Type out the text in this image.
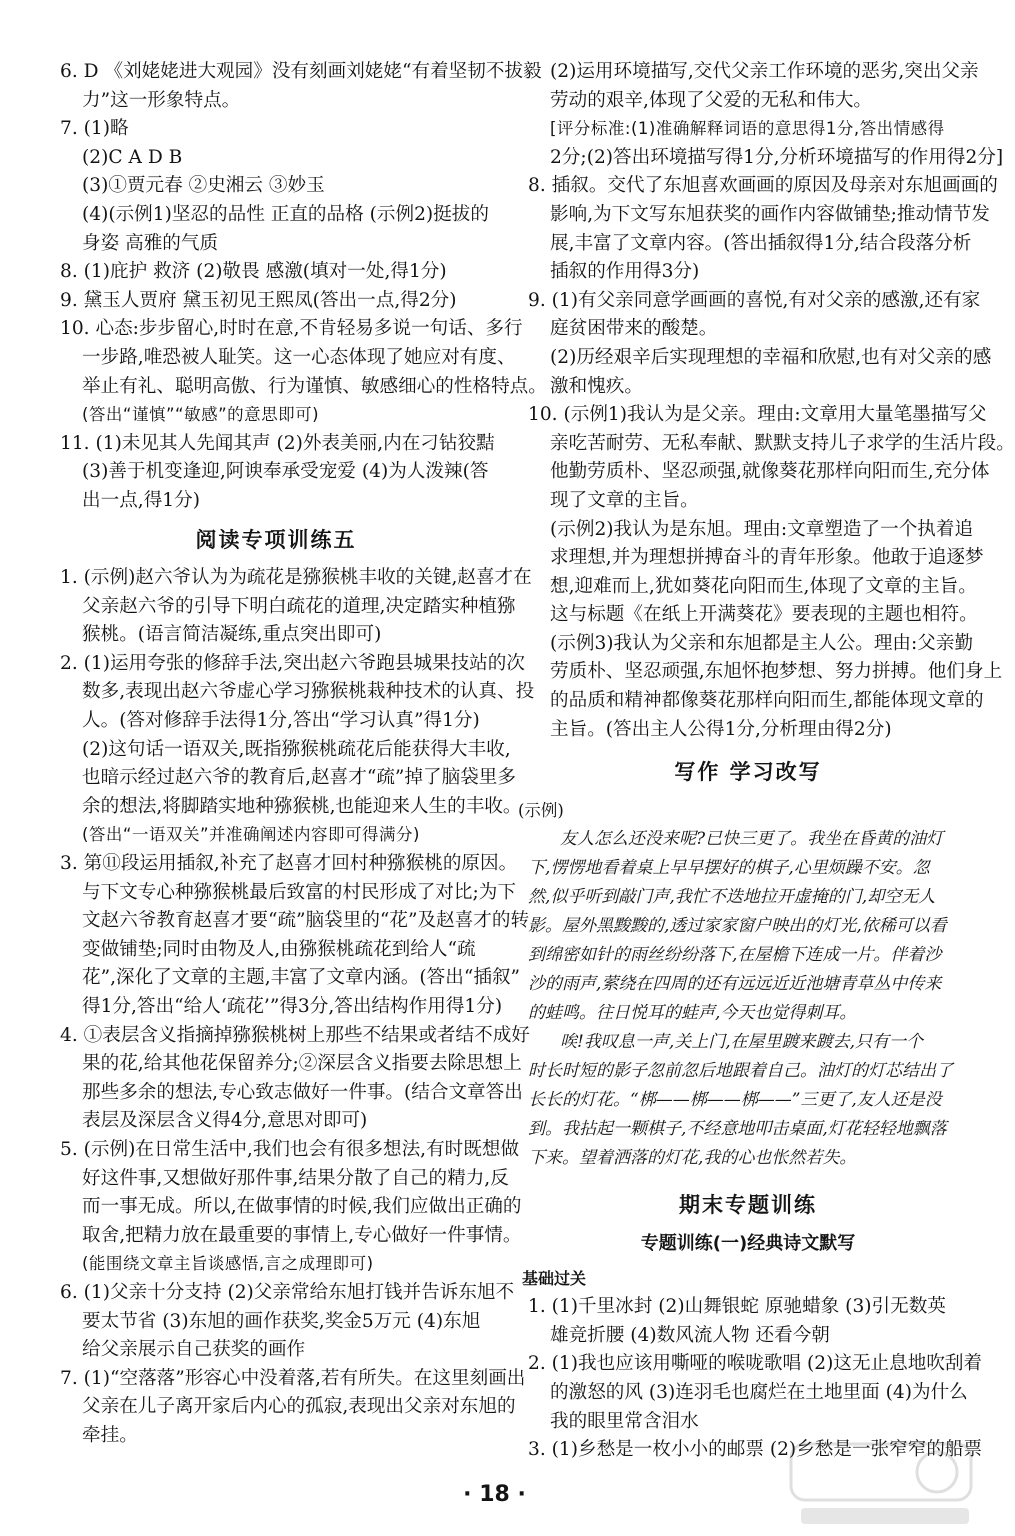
6. D 《刘姥姥进大观园》没有刻画刘姥姥“有着坚韧不拔毅
力”这一形象特点。
7. (1)略
(2)C A D B
(3)①贾元春 ②史湘云 ③妙玉
(4)(示例1)坚忍的品性 正直的品格 (示例2)挺拔的
身姿 高雅的气质
8. (1)庇护 救济 (2)敬畏 感激(填对一处,得1分)
9. 黛玉人贾府 黛玉初见王熙凤(答出一点,得2分)
10. 心态:步步留心,时时在意,不肯轻易多说一句话、多行
一步路,唯恐被人耻笑。这一心态体现了她应对有度、
举止有礼、聪明高傲、行为谨慎、敏感细心的性格特点。
(答出“谨慎”“敏感”的意思即可)
11. (1)未见其人先闻其声 (2)外表美丽,内在刁钻狡黠
(3)善于机变逢迎,阿谀奉承受宠爱 (4)为人泼辣(答
出一点,得1分)
阅读专项训练五
1. (示例)赵六爷认为为疏花是猕猴桃丰收的关键,赵喜才在
父亲赵六爷的引导下明白疏花的道理,决定踏实种植猕
猴桃。(语言简洁凝练,重点突出即可)
2. (1)运用夸张的修辞手法,突出赵六爷跑县城果技站的次
数多,表现出赵六爷虚心学习猕猴桃栽种技术的认真、投
人。(答对修辞手法得1分,答出“学习认真”得1分)
(2)这句话一语双关,既指猕猴桃疏花后能获得大丰收,
也暗示经过赵六爷的教育后,赵喜才“疏”掉了脑袋里多
余的想法,将脚踏实地种猕猴桃,也能迎来人生的丰收。
(答出“一语双关”并准确阐述内容即可得满分)
3. 第⑪段运用插叙,补充了赵喜才回村种猕猴桃的原因。
与下文专心种猕猴桃最后致富的村民形成了对比;为下
文赵六爷教育赵喜才要“疏”脑袋里的“花”及赵喜才的转
变做铺垫;同时由物及人,由猕猴桃疏花到给人“疏
花”,深化了文章的主题,丰富了文章内涵。(答出“插叙”
得1分,答出“给人‘疏花’”得3分,答出结构作用得1分)
4. ①表层含义指摘掉猕猴桃树上那些不结果或者结不成好
果的花,给其他花保留养分;②深层含义指要去除思想上
那些多余的想法,专心致志做好一件事。(结合文章答出
表层及深层含义得4分,意思对即可)
5. (示例)在日常生活中,我们也会有很多想法,有时既想做
好这件事,又想做好那件事,结果分散了自己的精力,反
而一事无成。所以,在做事情的时候,我们应做出正确的
取舍,把精力放在最重要的事情上,专心做好一件事情。
(能围绕文章主旨谈感悟,言之成理即可)
6. (1)父亲十分支持 (2)父亲常给东旭打钱并告诉东旭不
要太节省 (3)东旭的画作获奖,奖金5万元 (4)东旭
给父亲展示自己获奖的画作
7. (1)“空落落”形容心中没着落,若有所失。在这里刻画出
父亲在儿子离开家后内心的孤寂,表现出父亲对东旭的
牵挂。
(2)运用环境描写,交代父亲工作环境的恶劣,突出父亲
劳动的艰辛,体现了父爱的无私和伟大。
[评分标准:(1)准确解释词语的意思得1分,答出情感得
2分;(2)答出环境描写得1分,分析环境描写的作用得2分]
8. 插叙。交代了东旭喜欢画画的原因及母亲对东旭画画的
影响,为下文写东旭获奖的画作内容做铺垫;推动情节发
展,丰富了文章内容。(答出插叙得1分,结合段落分析
插叙的作用得3分)
9. (1)有父亲同意学画画的喜悦,有对父亲的感激,还有家
庭贫困带来的酸楚。
(2)历经艰辛后实现理想的幸福和欣慰,也有对父亲的感
激和愧疚。
10. (示例1)我认为是父亲。理由:文章用大量笔墨描写父
亲吃苦耐劳、无私奉献、默默支持儿子求学的生活片段。
他勤劳质朴、坚忍顽强,就像葵花那样向阳而生,充分体
现了文章的主旨。
(示例2)我认为是东旭。理由:文章塑造了一个执着追
求理想,并为理想拼搏奋斗的青年形象。他敢于追逐梦
想,迎难而上,犹如葵花向阳而生,体现了文章的主旨。
这与标题《在纸上开满葵花》要表现的主题也相符。
(示例3)我认为父亲和东旭都是主人公。理由:父亲勤
劳质朴、坚忍顽强,东旭怀抱梦想、努力拼搏。他们身上
的品质和精神都像葵花那样向阳而生,都能体现文章的
主旨。(答出主人公得1分,分析理由得2分)
写作 学习改写
(示例)
友人怎么还没来呢?已快三更了。我坐在昏黄的油灯
下,愣愣地看着桌上早早摆好的棋子,心里烦躁不安。忽
然,似乎听到敲门声,我忙不迭地拉开虚掩的门,却空无人
影。屋外黑黢黢的,透过家家窗户映出的灯光,依稀可以看
到绵密如针的雨丝纷纷落下,在屋檐下连成一片。伴着沙
沙的雨声,萦绕在四周的还有远远近近池塘青草丛中传来
的蛙鸣。往日悦耳的蛙声,今天也觉得刺耳。
唉!我叹息一声,关上门,在屋里踱来踱去,只有一个
时长时短的影子忽前忽后地跟着自己。油灯的灯芯结出了
长长的灯花。“梆——梆——梆——”三更了,友人还是没
到。我拈起一颗棋子,不经意地叩击桌面,灯花轻轻地飘落
下来。望着洒落的灯花,我的心也怅然若失。
期末专题训练
专题训练(一)经典诗文默写
基础过关
1. (1)千里冰封 (2)山舞银蛇 原驰蜡象 (3)引无数英
雄竞折腰 (4)数风流人物 还看今朝
2. (1)我也应该用嘶哑的喉咙歌唱 (2)这无止息地吹刮着
的激怒的风 (3)连羽毛也腐烂在土地里面 (4)为什么
我的眼里常含泪水
3. (1)乡愁是一枚小小的邮票 (2)乡愁是一张窄窄的船票
· 18 ·
